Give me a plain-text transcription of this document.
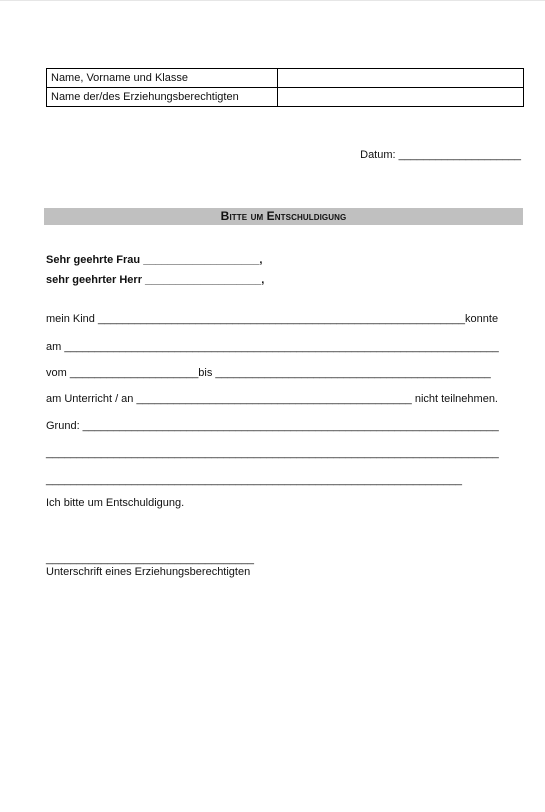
Name, Vorname und Klasse	
Name der/des Erziehungsberechtigten	
Datum: ____________________
Bitte um Entschuldigung
Sehr geehrte Frau ___________________,
sehr geehrter Herr ___________________,
mein Kind ____________________________________________________________konnte
am _______________________________________________________________________
vom _____________________bis _____________________________________________
am Unterricht / an _____________________________________________ nicht teilnehmen.
Grund: ____________________________________________________________________
__________________________________________________________________________
____________________________________________________________________
Ich bitte um Entschuldigung.
__________________________________
Unterschrift eines Erziehungsberechtigten
